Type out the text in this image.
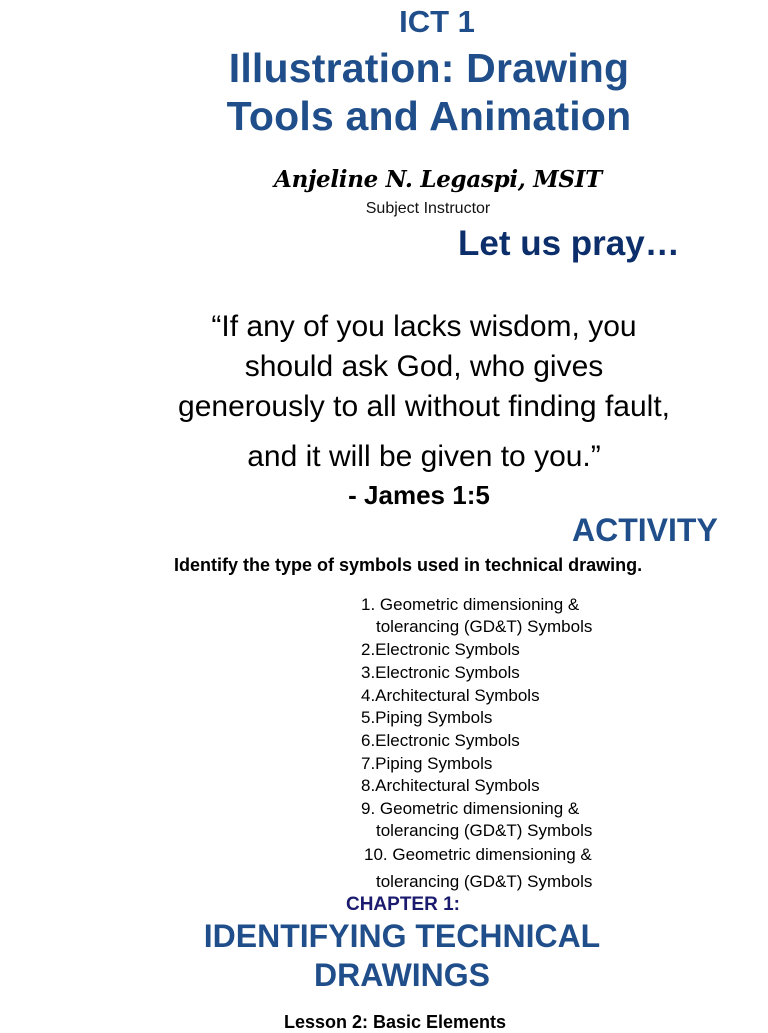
ICT 1
Illustration: Drawing
Tools and Animation
Anjeline N. Legaspi, MSIT
Subject Instructor
Let us pray…
“If any of you lacks wisdom, you
should ask God, who gives
generously to all without finding fault,
and it will be given to you.”
- James 1:5
ACTIVITY
Identify the type of symbols used in technical drawing.
1. Geometric dimensioning &
tolerancing (GD&T) Symbols
2.Electronic Symbols
3.Electronic Symbols
4.Architectural Symbols
5.Piping Symbols
6.Electronic Symbols
7.Piping Symbols
8.Architectural Symbols
9. Geometric dimensioning &
tolerancing (GD&T) Symbols
10. Geometric dimensioning &
tolerancing (GD&T) Symbols
CHAPTER 1:
IDENTIFYING TECHNICAL
DRAWINGS
Lesson 2: Basic Elements
